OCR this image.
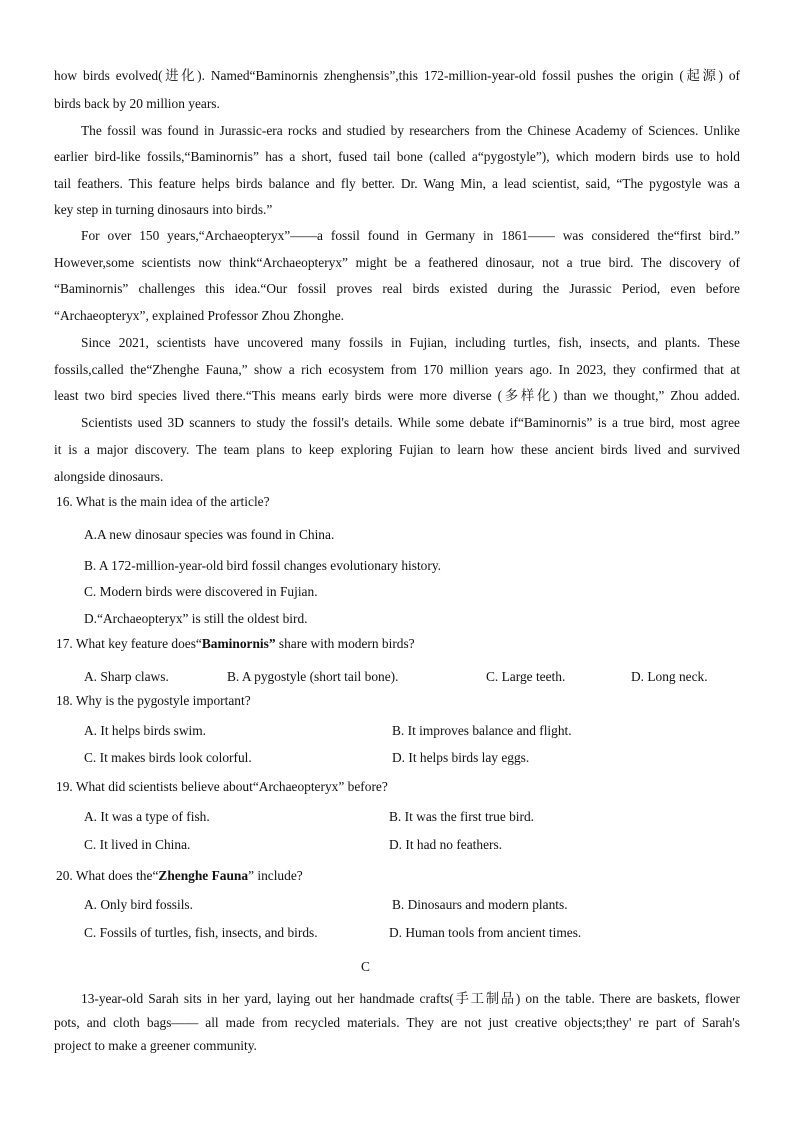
how birds evolved(进化). Named“Baminornis zhenghensis”,this 172-million-year-old fossil pushes the origin (起源) of
birds back by 20 million years.
The fossil was found in Jurassic-era rocks and studied by researchers from the Chinese Academy of Sciences. Unlike
earlier bird-like fossils,“Baminornis” has a short, fused tail bone (called a“pygostyle”), which modern birds use to hold
tail feathers. This feature helps birds balance and fly better. Dr. Wang Min, a lead scientist, said, “The pygostyle was a
key step in turning dinosaurs into birds.”
For over 150 years,“Archaeopteryx”——a fossil found in Germany in 1861—— was considered the“first bird.”
However,some scientists now think“Archaeopteryx” might be a feathered dinosaur, not a true bird. The discovery of
“Baminornis” challenges this idea.“Our fossil proves real birds existed during the Jurassic Period, even before
“Archaeopteryx”, explained Professor Zhou Zhonghe.
Since 2021, scientists have uncovered many fossils in Fujian, including turtles, fish, insects, and plants. These
fossils,called the“Zhenghe Fauna,” show a rich ecosystem from 170 million years ago. In 2023, they confirmed that at
least two bird species lived there.“This means early birds were more diverse (多样化) than we thought,” Zhou added.
Scientists used 3D scanners to study the fossil's details. While some debate if“Baminornis” is a true bird, most agree
it is a major discovery. The team plans to keep exploring Fujian to learn how these ancient birds lived and survived
alongside dinosaurs.
16. What is the main idea of the article?
A.A new dinosaur species was found in China.
B. A 172-million-year-old bird fossil changes evolutionary history.
C. Modern birds were discovered in Fujian.
D.“Archaeopteryx” is still the oldest bird.
17. What key feature does“Baminornis” share with modern birds?
A. Sharp claws.	B. A pygostyle (short tail bone).	C. Large teeth.	D. Long neck.
18. Why is the pygostyle important?
A. It helps birds swim.	B. It improves balance and flight.
C. It makes birds look colorful.	D. It helps birds lay eggs.
19. What did scientists believe about“Archaeopteryx” before?
A. It was a type of fish.	B. It was the first true bird.
C. It lived in China.	D. It had no feathers.
20. What does the“Zhenghe Fauna” include?
A. Only bird fossils.	B. Dinosaurs and modern plants.
C. Fossils of turtles, fish, insects, and birds.	D. Human tools from ancient times.
C
13-year-old Sarah sits in her yard, laying out her handmade crafts(手工制品) on the table. There are baskets, flower
pots, and cloth bags—— all made from recycled materials. They are not just creative objects;they' re part of Sarah's
project to make a greener community.
